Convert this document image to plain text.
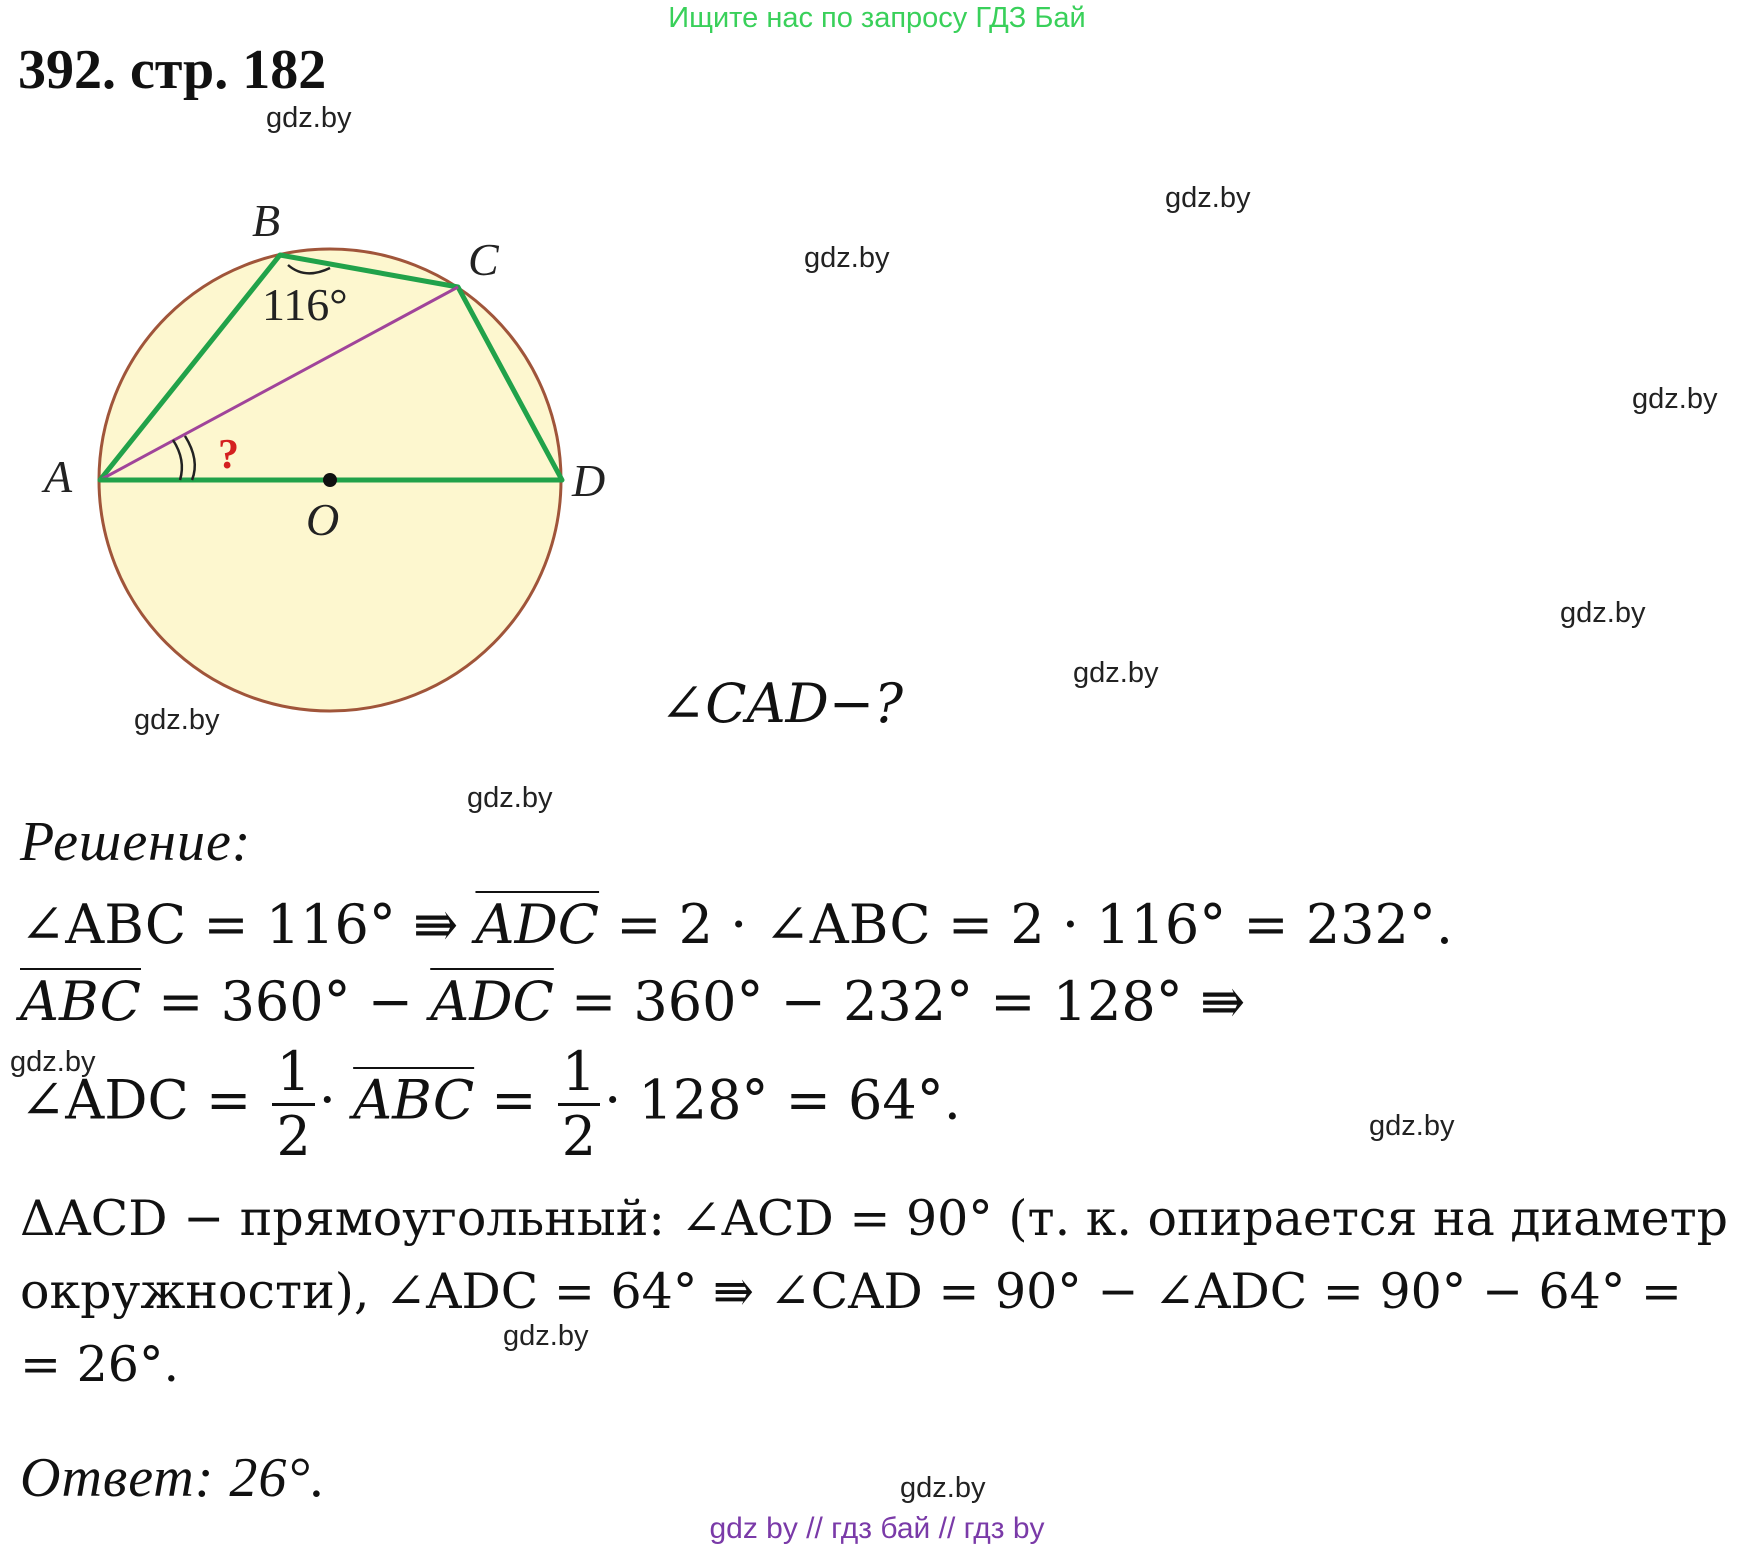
Ищите нас по запросу ГДЗ Бай
392. стр. 182
gdz.by
gdz.by
gdz.by
gdz.by
gdz.by
gdz.by
gdz.by
gdz.by
gdz.by
gdz.by
gdz.by
gdz.by
A
B
C
D
O
116°
?
∠CAD−?
Решение:
∠ABC = 116° ⇛ $\overline{ADC} = 2$ · ∠ABC = 2 · 116° = 232°.
$\overline{ABC} = 360^\circ - \overline{ADC} = 360^\circ - 232^\circ = 128^\circ$ ⇛
∠ADC = $\frac{1}{2} \cdot \overline{ABC} = \frac{1}{2} \cdot 128^\circ = 64^\circ$.
ΔACD − прямоугольный: ∠ACD = 90° (т. к. опирается на диаметр
окружности), ∠ADC = 64° ⇛ ∠CAD = 90° − ∠ADC = 90° − 64° =
= 26°.
Ответ: 26°.
gdz by // гдз бай // гдз by
